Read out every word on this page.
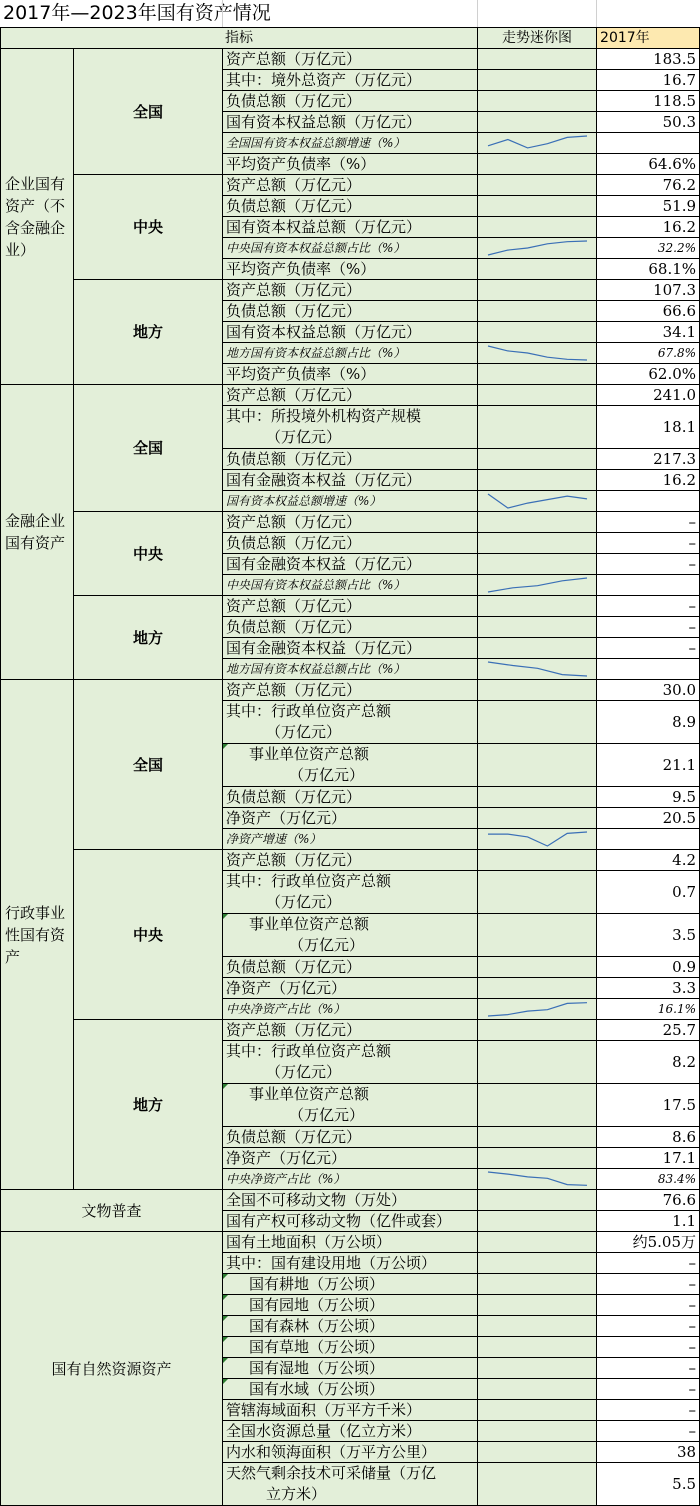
2017年—2023年国有资产情况
指标			走势迷你图	2017年
企业国有资产（不含金融企业）	全国	资产总额（万亿元）		183.5
		其中：境外总资产（万亿元）		16.7
		负债总额（万亿元）		118.5
		国有资本权益总额（万亿元）		50.3
		全国国有资本权益总额增速（%）	

		平均资产负债率（%）		64.6%
	中央	资产总额（万亿元）		76.2
		负债总额（万亿元）		51.9
		国有资本权益总额（万亿元）		16.2
		中央国有资本权益总额占比（%）		32.2%
		平均资产负债率（%）		68.1%
	地方	资产总额（万亿元）		107.3
		负债总额（万亿元）		66.6
		国有资本权益总额（万亿元）		34.1
		地方国有资本权益总额占比（%）		67.8%
		平均资产负债率（%）		62.0%
金融企业国有资产	全国	资产总额（万亿元）		241.0
		其中：所投境外机构资产规模
（万亿元）		18.1
		负债总额（万亿元）		217.3
		国有金融资本权益（万亿元）		16.2
		国有资本权益总额增速（%）	

	中央	资产总额（万亿元）		–
		负债总额（万亿元）		–
		国有金融资本权益（万亿元）		–
		中央国有资本权益总额占比（%）	

	地方	资产总额（万亿元）		–
		负债总额（万亿元）		–
		国有金融资本权益（万亿元）		–
		地方国有资本权益总额占比（%）	

行政事业性国有资产	全国	资产总额（万亿元）		30.0
		其中：行政单位资产总额
（万亿元）		8.9
		事业单位资产总额
（万亿元）		21.1
		负债总额（万亿元）		9.5
		净资产（万亿元）		20.5
		净资产增速（%）	

	中央	资产总额（万亿元）		4.2
		其中：行政单位资产总额
（万亿元）		0.7
		事业单位资产总额
（万亿元）		3.5
		负债总额（万亿元）		0.9
		净资产（万亿元）		3.3
		中央净资产占比（%）		16.1%
	地方	资产总额（万亿元）		25.7
		其中：行政单位资产总额
（万亿元）		8.2
		事业单位资产总额
（万亿元）		17.5
		负债总额（万亿元）		8.6
		净资产（万亿元）		17.1
		中央净资产占比（%）		83.4%
文物普查		全国不可移动文物（万处）		76.6
		国有产权可移动文物（亿件或套）		1.1
国有自然资源资产		国有土地面积（万公顷）		约5.05万
		其中：国有建设用地（万公顷）		–
		国有耕地（万公顷）		–
		国有园地（万公顷）		–
		国有森林（万公顷）		–
		国有草地（万公顷）		–
		国有湿地（万公顷）		–
		国有水域（万公顷）		–
		管辖海域面积（万平方千米）		–
		全国水资源总量（亿立方米）		–
		内水和领海面积（万平方公里）		38
		天然气剩余技术可采储量（万亿
立方米）		5.5
